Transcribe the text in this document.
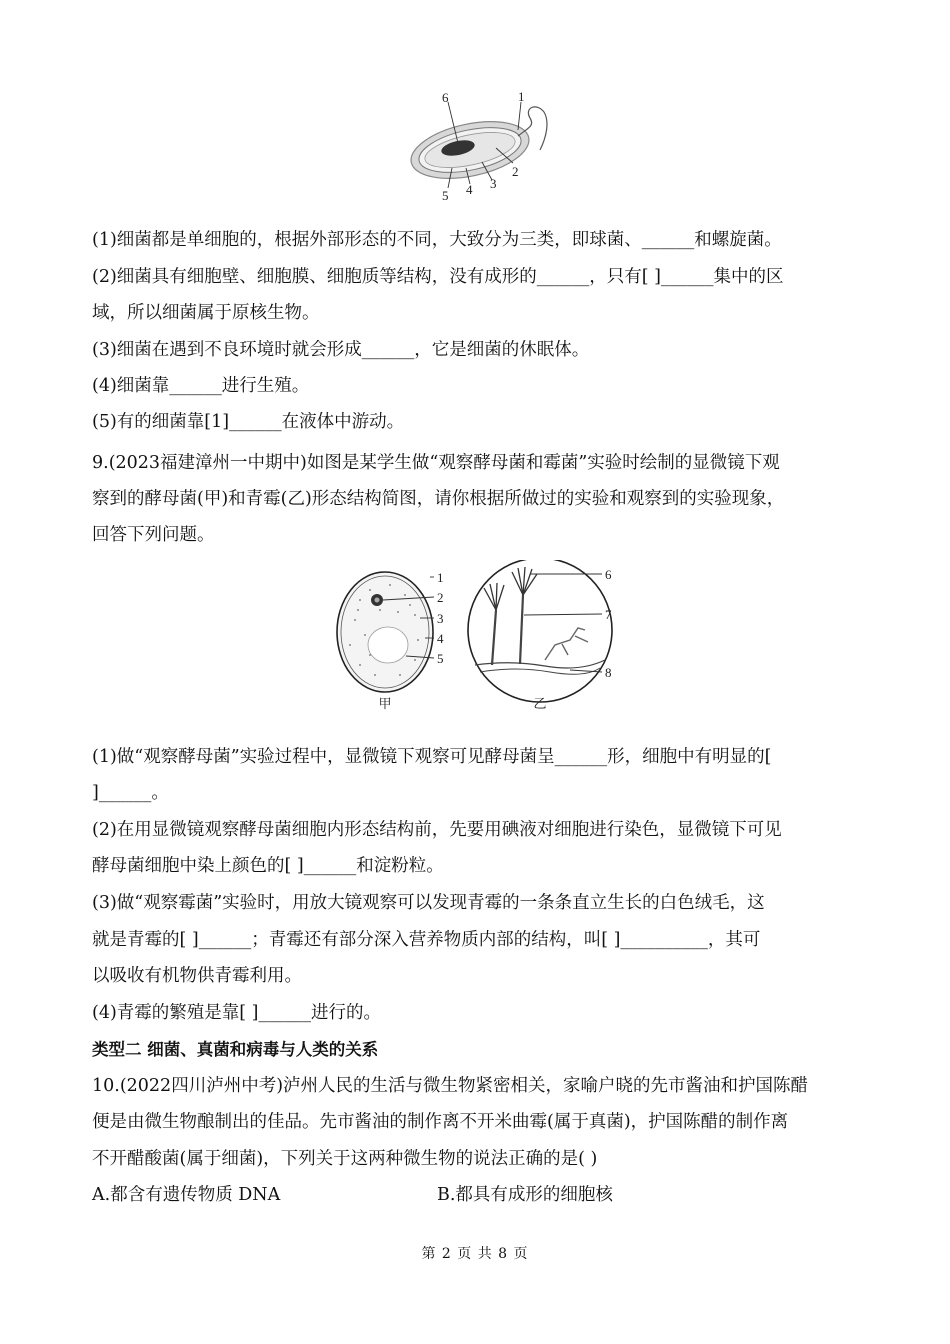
6	1
2
3
4
5
(1)细菌都是单细胞的，根据外部形态的不同，大致分为三类，即球菌、______和螺旋菌。
(2)细菌具有细胞壁、细胞膜、细胞质等结构，没有成形的______，只有[ ]______集中的区
域，所以细菌属于原核生物。
(3)细菌在遇到不良环境时就会形成______，它是细菌的休眠体。
(4)细菌靠______进行生殖。
(5)有的细菌靠[1]______在液体中游动。
9.(2023福建漳州一中期中)如图是某学生做“观察酵母菌和霉菌”实验时绘制的显微镜下观
察到的酵母菌(甲)和青霉(乙)形态结构简图，请你根据所做过的实验和观察到的实验现象，
回答下列问题。
1
2
3
4
5
甲
6
7
8
乙
(1)做“观察酵母菌”实验过程中，显微镜下观察可见酵母菌呈______形，细胞中有明显的[
]______。
(2)在用显微镜观察酵母菌细胞内形态结构前，先要用碘液对细胞进行染色，显微镜下可见
酵母菌细胞中染上颜色的[ ]______和淀粉粒。
(3)做“观察霉菌”实验时，用放大镜观察可以发现青霉的一条条直立生长的白色绒毛，这
就是青霉的[ ]______；青霉还有部分深入营养物质内部的结构，叫[ ]__________，其可
以吸收有机物供青霉利用。
(4)青霉的繁殖是靠[ ]______进行的。
类型二 细菌、真菌和病毒与人类的关系
10.(2022四川泸州中考)泸州人民的生活与微生物紧密相关，家喻户晓的先市酱油和护国陈醋
便是由微生物酿制出的佳品。先市酱油的制作离不开米曲霉(属于真菌)，护国陈醋的制作离
不开醋酸菌(属于细菌)，下列关于这两种微生物的说法正确的是( )
A.都含有遗传物质 DNA	B.都具有成形的细胞核
第 2 页 共 8 页
